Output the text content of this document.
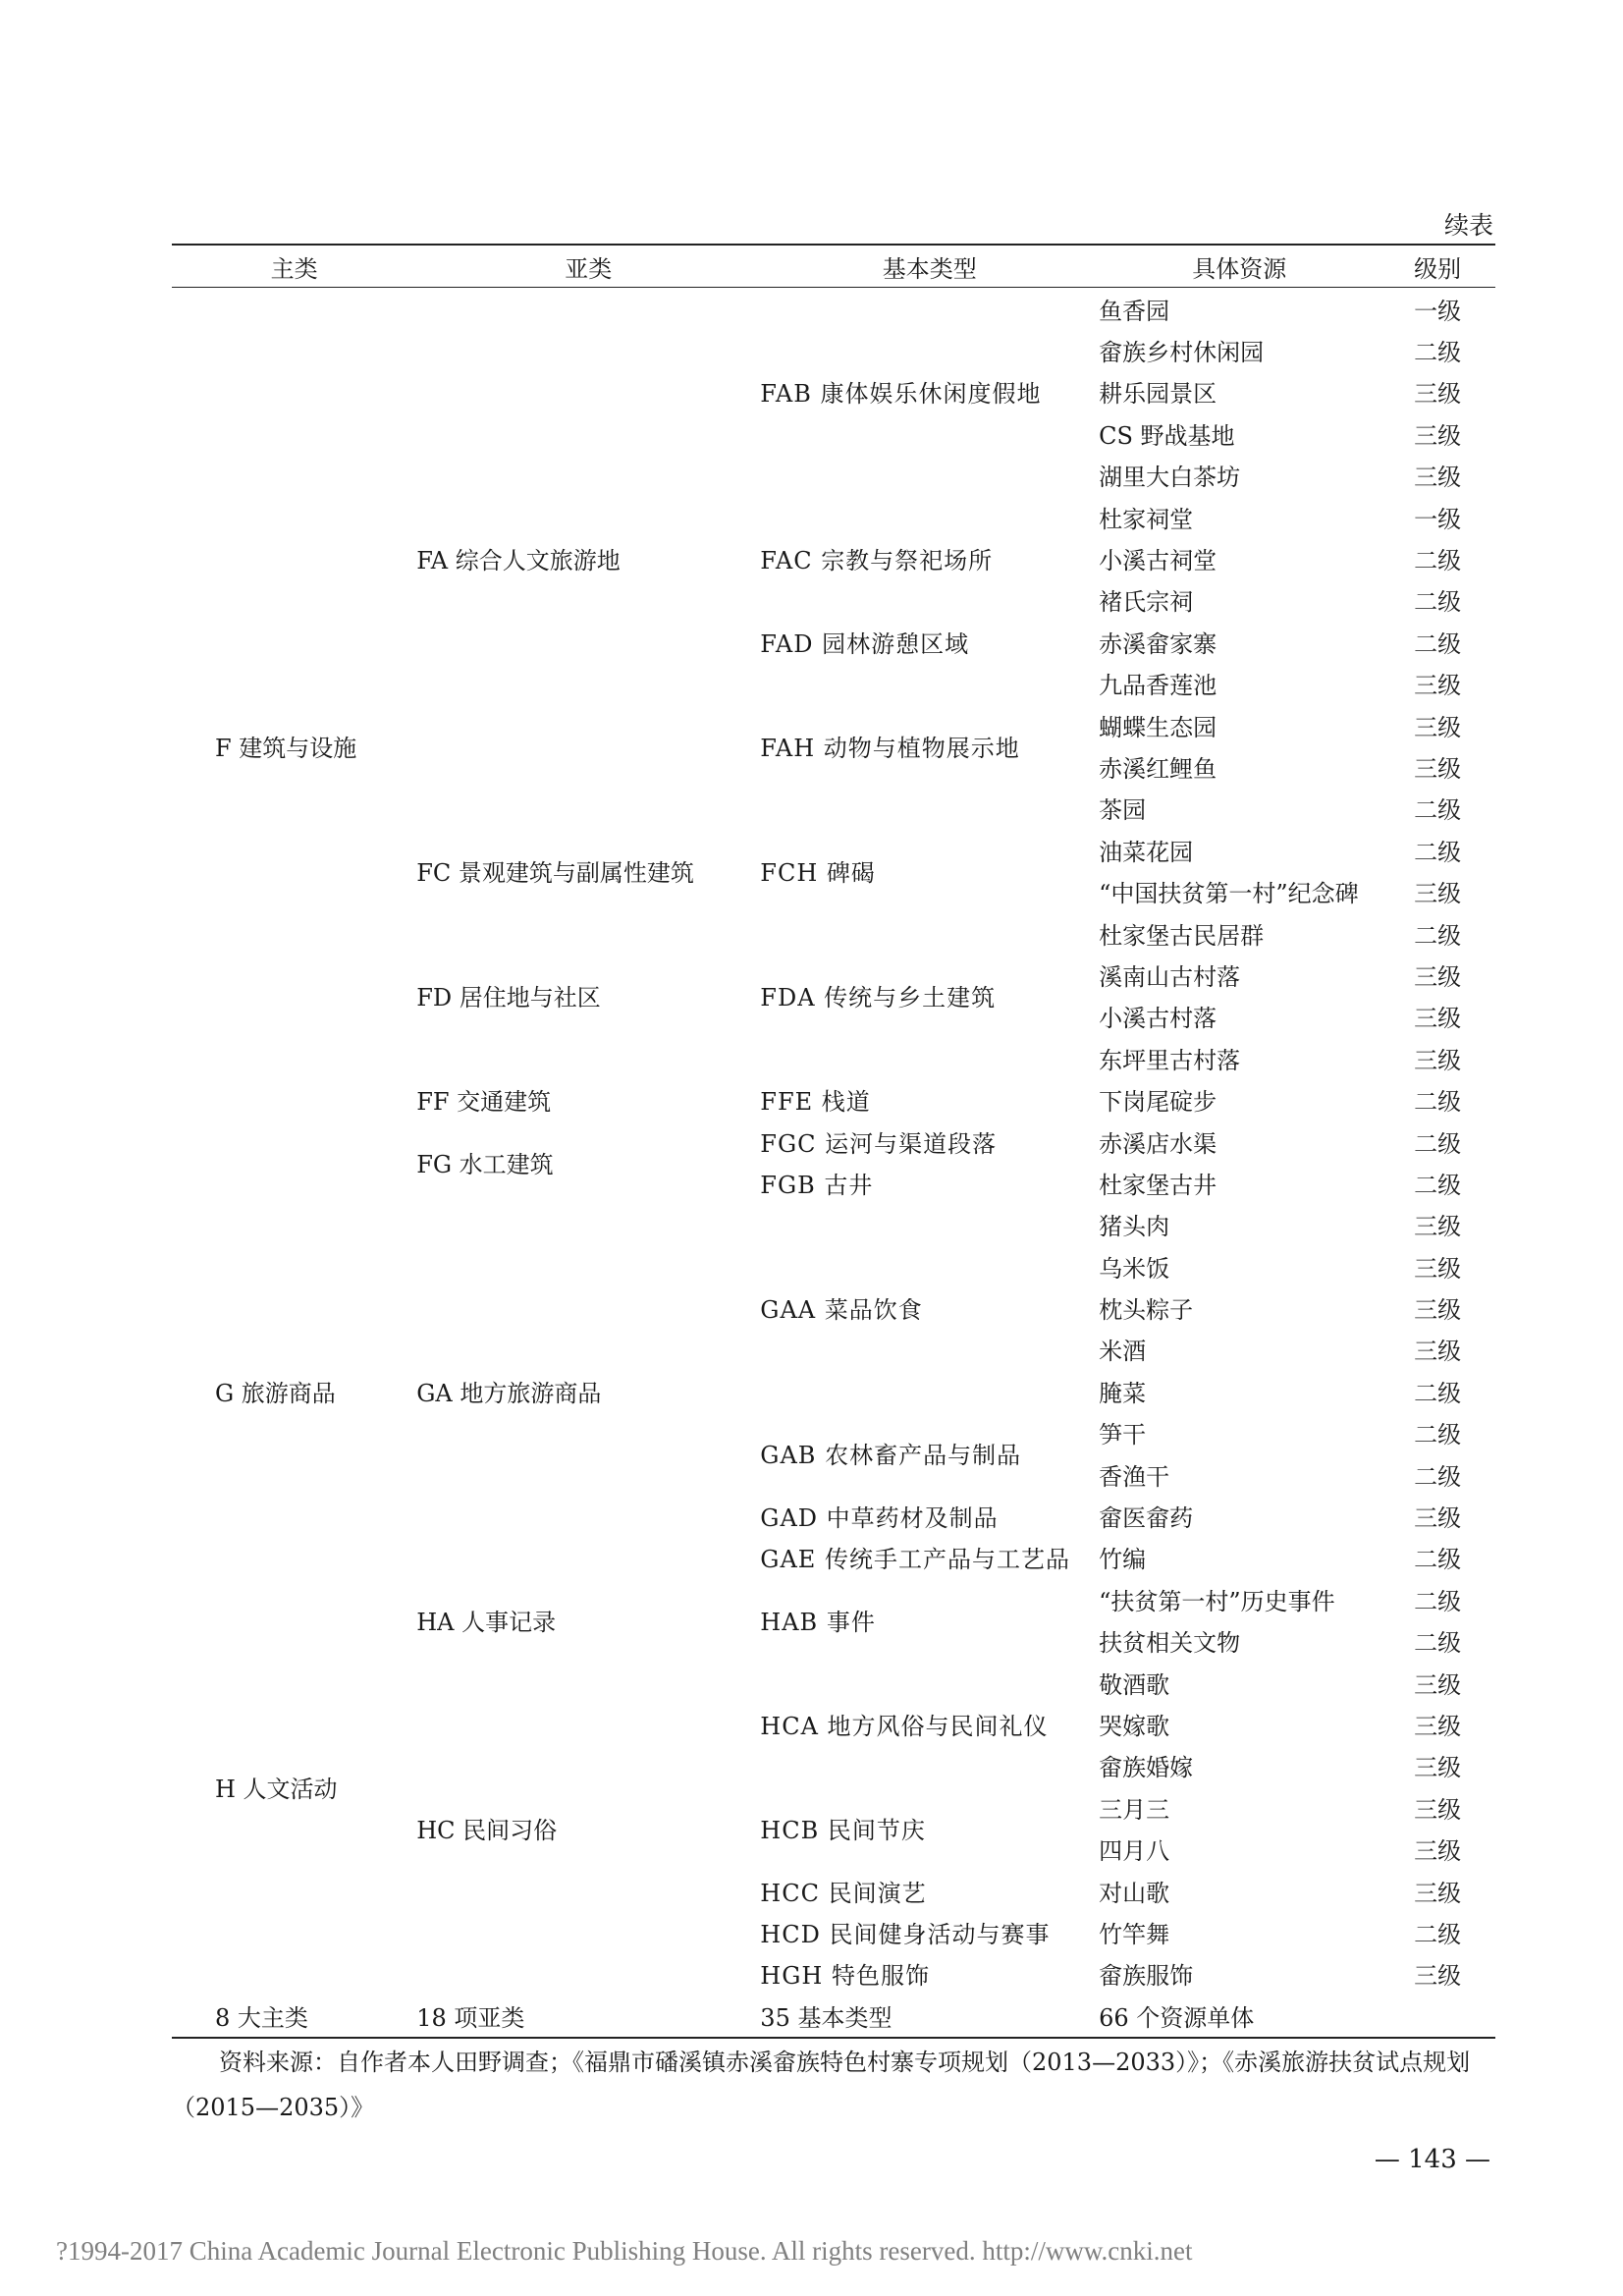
续表
主类	亚类	基本类型	具体资源	级别
F 建筑与设施	FA 综合人文旅游地	FAB 康体娱乐休闲度假地	鱼香园	一级
			畲族乡村休闲园	二级
			耕乐园景区	三级
			CS 野战基地	三级
			湖里大白茶坊	三级
		FAC 宗教与祭祀场所	杜家祠堂	一级
			小溪古祠堂	二级
			褚氏宗祠	二级
		FAD 园林游憩区域	赤溪畲家寨	二级
		FAH 动物与植物展示地	九品香莲池	三级
			蝴蝶生态园	三级
			赤溪红鲤鱼	三级
			茶园	二级
	FC 景观建筑与副属性建筑	FCH 碑碣	油菜花园	二级
			“中国扶贫第一村”纪念碑	三级
	FD 居住地与社区	FDA 传统与乡土建筑	杜家堡古民居群	二级
			溪南山古村落	三级
			小溪古村落	三级
			东坪里古村落	三级
	FF 交通建筑	FFE 栈道	下岗尾碇步	二级
	FG 水工建筑	FGC 运河与渠道段落	赤溪店水渠	二级
		FGB 古井	杜家堡古井	二级
G 旅游商品	GA 地方旅游商品	GAA 菜品饮食	猪头肉	三级
			乌米饭	三级
			枕头粽子	三级
			米酒	三级
			腌菜	二级
		GAB 农林畜产品与制品	笋干	二级
			香渔干	二级
		GAD 中草药材及制品	畲医畲药	三级
		GAE 传统手工产品与工艺品	竹编	二级
H 人文活动	HA 人事记录	HAB 事件	“扶贫第一村”历史事件	二级
			扶贫相关文物	二级
	HC 民间习俗	HCA 地方风俗与民间礼仪	敬酒歌	三级
			哭嫁歌	三级
			畲族婚嫁	三级
		HCB 民间节庆	三月三	三级
			四月八	三级
		HCC 民间演艺	对山歌	三级
		HCD 民间健身活动与赛事	竹竿舞	二级
		HGH 特色服饰	畲族服饰	三级
8 大主类	18 项亚类	35 基本类型	66 个资源单体	
资料来源：自作者本人田野调查；《福鼎市磻溪镇赤溪畲族特色村寨专项规划（2013—2033）》；《赤溪旅游扶贫试点规划（2015—2035）》
— 143 —
?1994-2017 China Academic Journal Electronic Publishing House. All rights reserved. http://www.cnki.net
